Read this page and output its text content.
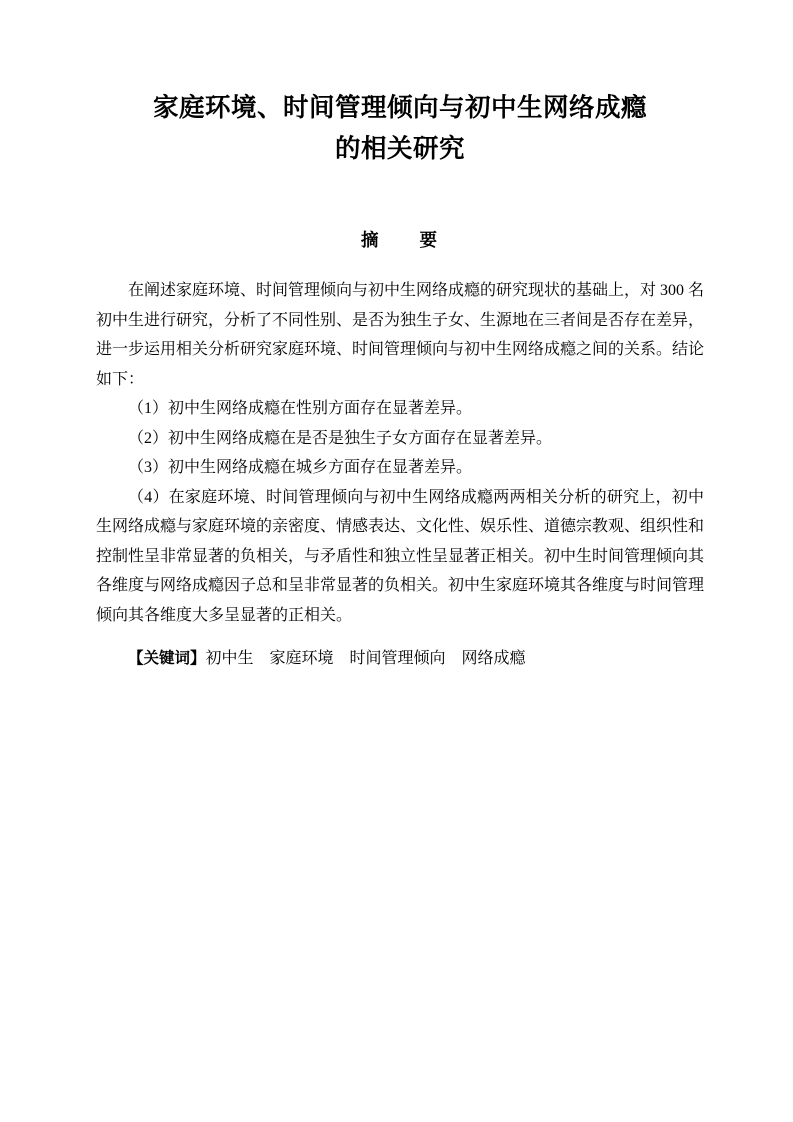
家庭环境、时间管理倾向与初中生网络成瘾
的相关研究
摘　　要

在阐述家庭环境、时间管理倾向与初中生网络成瘾的研究现状的基础上，对 300 名初中生进行研究，分析了不同性别、是否为独生子女、生源地在三者间是否存在差异，进一步运用相关分析研究家庭环境、时间管理倾向与初中生网络成瘾之间的关系。结论如下：

（1）初中生网络成瘾在性别方面存在显著差异。

（2）初中生网络成瘾在是否是独生子女方面存在显著差异。

（3）初中生网络成瘾在城乡方面存在显著差异。

（4）在家庭环境、时间管理倾向与初中生网络成瘾两两相关分析的研究上，初中生网络成瘾与家庭环境的亲密度、情感表达、文化性、娱乐性、道德宗教观、组织性和控制性呈非常显著的负相关，与矛盾性和独立性呈显著正相关。初中生时间管理倾向其各维度与网络成瘾因子总和呈非常显著的负相关。初中生家庭环境其各维度与时间管理倾向其各维度大多呈显著的正相关。

【关键词】初中生　家庭环境　时间管理倾向　网络成瘾
